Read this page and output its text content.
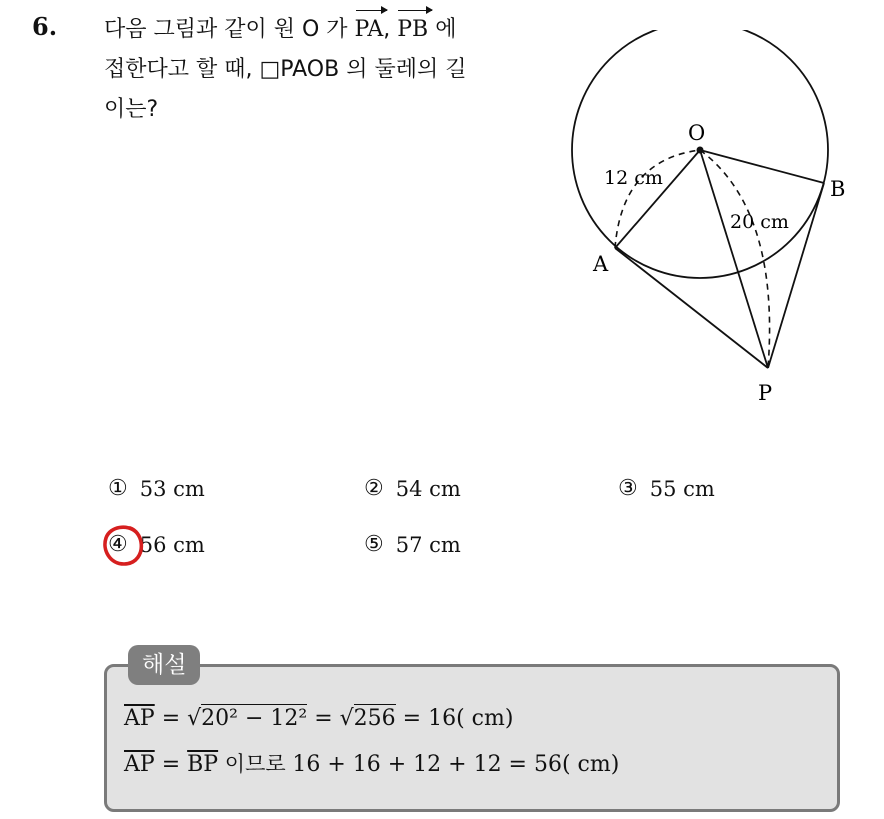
6. 다음 그림과 같이 원 O 가 PA, PB 에
접한다고 할 때, □PAOB 의 둘레의 길
이는?
O
A
B
P
12 cm
20 cm
① 53 cm	② 54 cm	③ 55 cm
④ 56 cm	⑤ 57 cm
해설
$\overline{AP} = √20^2 - 12^2 = √256 = 16$( cm)
$\overline{AP} = \overline{BP}$ 이므로 16 + 16 + 12 + 12 = 56( cm)
